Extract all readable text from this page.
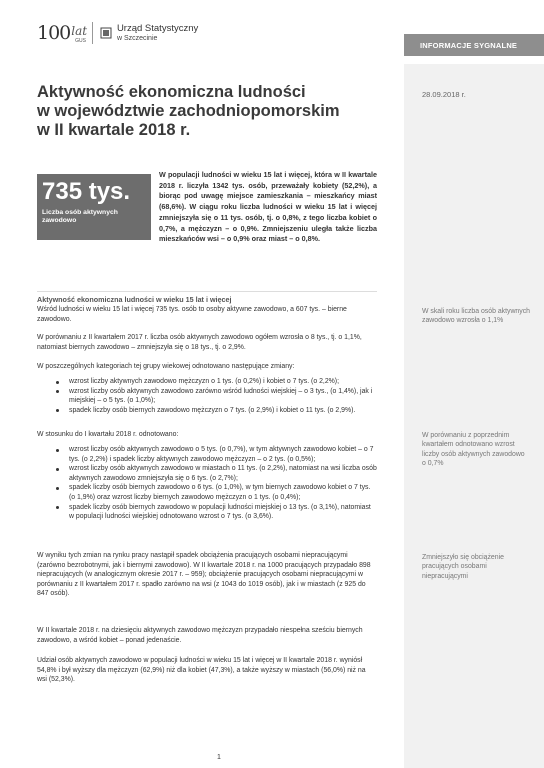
100 lat
GUS
Urząd Statystyczny
w Szczecinie
INFORMACJE SYGNALNE
Aktywność ekonomiczna ludności
w województwie zachodniopomorskim
w II kwartale 2018 r.
28.09.2018 r.

W populacji ludności w wieku 15 lat i więcej, która w II kwartale 2018 r. liczyła 1342 tys. osób, przeważały kobiety (52,2%), a biorąc pod uwagę miejsce zamieszkania – mieszkańcy miast (68,6%). W ciągu roku liczba ludności w wieku 15 lat i więcej zmniejszyła się o 11 tys. osób, tj. o 0,8%, z tego liczba kobiet o 0,7%, a mężczyzn – o 0,9%. Zmniejszeniu uległa także liczba mieszkańców wsi – o 0,9% oraz miast – o 0,8%.

735 tys.
Liczba osób aktywnych
zawodowo
Aktywność ekonomiczna ludności w wieku 15 lat i więcej

Wśród ludności w wieku 15 lat i więcej 735 tys. osób to osoby aktywne zawodowo, a 607 tys. – bierne zawodowo.

W porównaniu z II kwartałem 2017 r. liczba osób aktywnych zawodowo ogółem wzrosła o 8 tys., tj. o 1,1%, natomiast biernych zawodowo – zmniejszyła się o 18 tys., tj. o 2,9%.

W poszczególnych kategoriach tej grupy wiekowej odnotowano następujące zmiany:

wzrost liczby aktywnych zawodowo mężczyzn o 1 tys. (o 0,2%) i kobiet o 7 tys. (o 2,2%);
wzrost liczby osób aktywnych zawodowo zarówno wśród ludności wiejskiej – o 3 tys., (o 1,4%), jak i miejskiej – o 5 tys. (o 1,0%);
spadek liczby osób biernych zawodowo mężczyzn o 7 tys. (o 2,9%) i kobiet o 11 tys. (o 2,9%).

W stosunku do I kwartału 2018 r. odnotowano:

wzrost liczby osób aktywnych zawodowo o 5 tys. (o 0,7%), w tym aktywnych zawodowo kobiet – o 7 tys. (o 2,2%) i spadek liczby aktywnych zawodowo mężczyzn – o 2 tys. (o 0,5%);
wzrost liczby osób aktywnych zawodowo w miastach o 11 tys. (o 2,2%), natomiast na wsi liczba osób aktywnych zawodowo zmniejszyła się o 6 tys. (o 2,7%);
spadek liczby osób biernych zawodowo o 6 tys. (o 1,0%), w tym biernych zawodowo kobiet o 7 tys. (o 1,9%) oraz wzrost liczby biernych zawodowo mężczyzn o 1 tys. (o 0,4%);
spadek liczby osób biernych zawodowo w populacji ludności miejskiej o 13 tys. (o 3,1%), natomiast w populacji ludności wiejskiej odnotowano wzrost o 7 tys. (o 3,6%).

W wyniku tych zmian na rynku pracy nastąpił spadek obciążenia pracujących osobami niepracującymi (zarówno bezrobotnymi, jak i biernymi zawodowo). W II kwartale 2018 r. na 1000 pracujących przypadało 898 niepracujących (w analogicznym okresie 2017 r. – 959); obciążenie pracujących osobami niepracującymi w porównaniu z II kwartałem 2017 r. spadło zarówno na wsi (z 1043 do 1019 osób), jak i w miastach (z 925 do 847 osób).

W II kwartale 2018 r. na dziesięciu aktywnych zawodowo mężczyzn przypadało niespełna sześciu biernych zawodowo, a wśród kobiet – ponad jedenaście.

Udział osób aktywnych zawodowo w populacji ludności w wieku 15 lat i więcej w II kwartale 2018 r. wyniósł 54,8% i był wyższy dla mężczyzn (62,9%) niż dla kobiet (47,3%), a także wyższy w miastach (56,0%) niż na wsi (52,3%).

W skali roku liczba osób aktywnych zawodowo wzrosła o 1,1%

W porównaniu z poprzednim kwartałem odnotowano wzrost liczby osób aktywnych zawodowo o 0,7%

Zmniejszyło się obciążenie pracujących osobami niepracującymi

1
